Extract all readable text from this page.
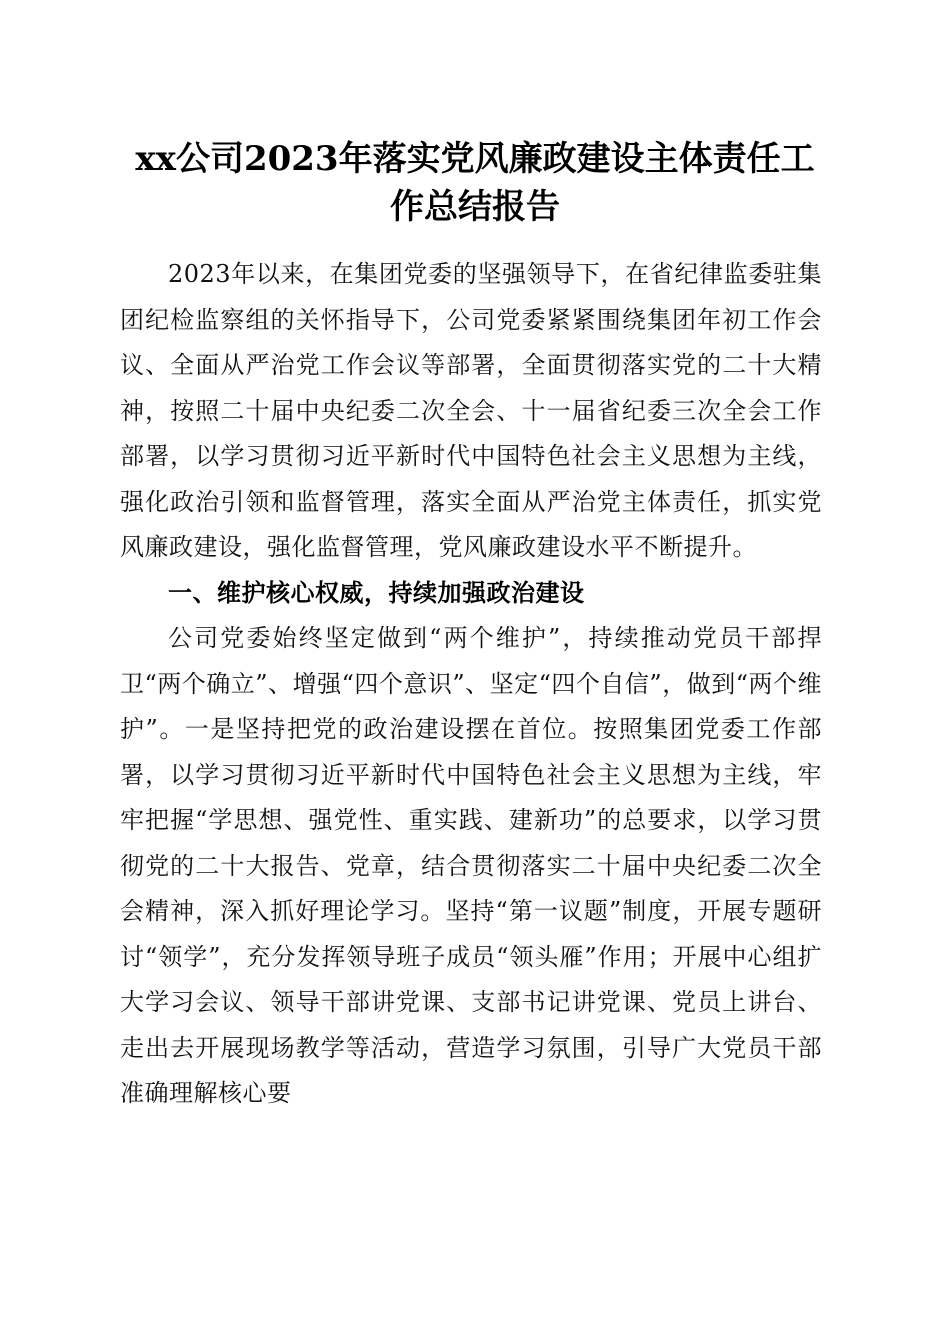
xx公司2023年落实党风廉政建设主体责任工作总结报告

2023年以来，在集团党委的坚强领导下，在省纪律监委驻集团纪检监察组的关怀指导下，公司党委紧紧围绕集团年初工作会议、全面从严治党工作会议等部署，全面贯彻落实党的二十大精神，按照二十届中央纪委二次全会、十一届省纪委三次全会工作部署，以学习贯彻习近平新时代中国特色社会主义思想为主线，强化政治引领和监督管理，落实全面从严治党主体责任，抓实党风廉政建设，强化监督管理，党风廉政建设水平不断提升。

一、维护核心权威，持续加强政治建设

公司党委始终坚定做到“两个维护”，持续推动党员干部捍卫“两个确立”、增强“四个意识”、坚定“四个自信”，做到“两个维护”。一是坚持把党的政治建设摆在首位。按照集团党委工作部署，以学习贯彻习近平新时代中国特色社会主义思想为主线，牢牢把握“学思想、强党性、重实践、建新功”的总要求，以学习贯彻党的二十大报告、党章，结合贯彻落实二十届中央纪委二次全会精神，深入抓好理论学习。坚持“第一议题”制度，开展专题研讨“领学”，充分发挥领导班子成员“领头雁”作用；开展中心组扩大学习会议、领导干部讲党课、支部书记讲党课、党员上讲台、走出去开展现场教学等活动，营造学习氛围，引导广大党员干部准确理解核心要
